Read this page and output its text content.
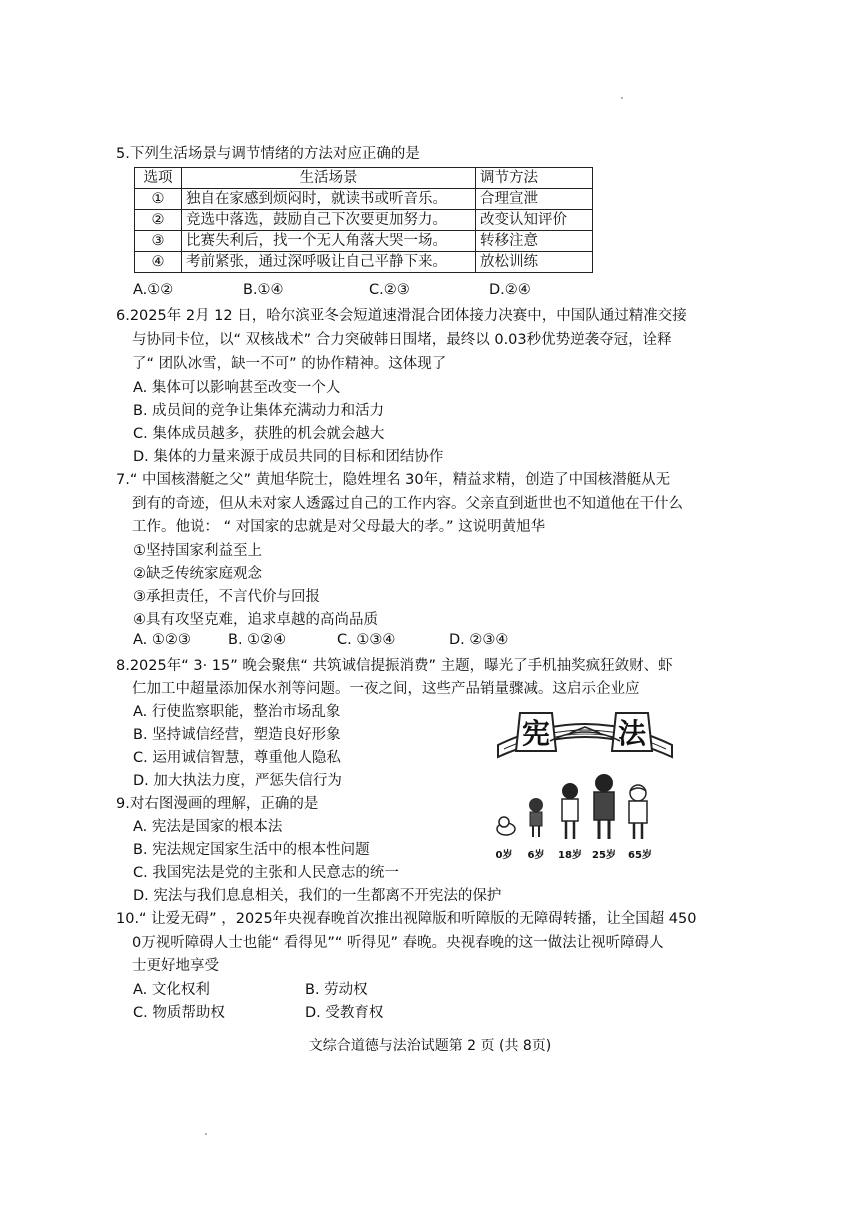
5.下列生活场景与调节情绪的方法对应正确的是
选项	生活场景	调节方法
①	独自在家感到烦闷时，就读书或听音乐。	合理宣泄
②	竞选中落选，鼓励自己下次要更加努力。	改变认知评价
③	比赛失利后，找一个无人角落大哭一场。	转移注意
④	考前紧张，通过深呼吸让自己平静下来。	放松训练
A.①②	B.①④	C.②③	D.②④
6.2025年 2月 12 日，哈尔滨亚冬会短道速滑混合团体接力决赛中，中国队通过精准交接
与协同卡位，以“ 双核战术” 合力突破韩日围堵，最终以 0.03秒优势逆袭夺冠，诠释
了“ 团队冰雪，缺一不可” 的协作精神。这体现了
A. 集体可以影响甚至改变一个人
B. 成员间的竞争让集体充满动力和活力
C. 集体成员越多，获胜的机会就会越大
D. 集体的力量来源于成员共同的目标和团结协作
7.“ 中国核潜艇之父” 黄旭华院士，隐姓埋名 30年，精益求精，创造了中国核潜艇从无
到有的奇迹，但从未对家人透露过自己的工作内容。父亲直到逝世也不知道他在干什么
工作。他说： “ 对国家的忠就是对父母最大的孝。” 这说明黄旭华
①坚持国家利益至上
②缺乏传统家庭观念
③承担责任，不言代价与回报
④具有攻坚克难，追求卓越的高尚品质
A. ①②③	B. ①②④	C. ①③④	D. ②③④
8.2025年“ 3· 15” 晚会聚焦“ 共筑诚信提振消费” 主题，曝光了手机抽奖疯狂敛财、虾
仁加工中超量添加保水剂等问题。一夜之间，这些产品销量骤减。这启示企业应
A. 行使监察职能，整治市场乱象
B. 坚持诚信经营，塑造良好形象
C. 运用诚信智慧，尊重他人隐私
D. 加大执法力度，严惩失信行为
9.对右图漫画的理解，正确的是
A. 宪法是国家的根本法
B. 宪法规定国家生活中的根本性问题
C. 我国宪法是党的主张和人民意志的统一
D. 宪法与我们息息相关，我们的一生都离不开宪法的保护
宪 法
0岁 6岁 18岁 25岁 65岁
10.“ 让爱无碍” ，2025年央视春晚首次推出视障版和听障版的无障碍转播，让全国超 450
0万视听障碍人士也能“ 看得见”“ 听得见” 春晚。央视春晚的这一做法让视听障碍人
士更好地享受
A. 文化权利	B. 劳动权
C. 物质帮助权	D. 受教育权
文综合道德与法治试题第 2 页 (共 8页)
